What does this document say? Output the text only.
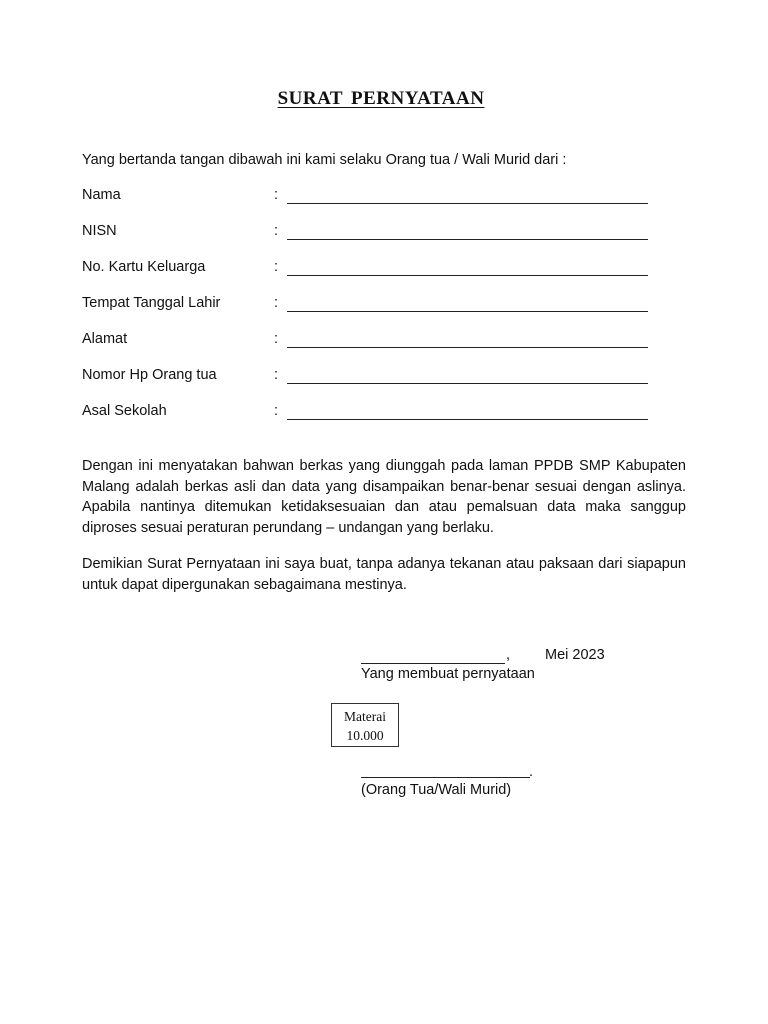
SURAT PERNYATAAN
Yang bertanda tangan dibawah ini kami selaku Orang tua / Wali Murid dari :
Nama	:
NISN	:
No. Kartu Keluarga	:
Tempat Tanggal Lahir	:
Alamat	:
Nomor Hp Orang tua	:
Asal Sekolah	:
Dengan ini menyatakan bahwan berkas yang diunggah pada laman PPDB SMP Kabupaten Malang adalah berkas asli dan data yang disampaikan benar-benar sesuai dengan aslinya. Apabila nantinya ditemukan ketidaksesuaian dan atau pemalsuan data maka sanggup diproses sesuai peraturan perundang – undangan yang berlaku.
Demikian Surat Pernyataan ini saya buat, tanpa adanya tekanan atau paksaan dari siapapun untuk dapat dipergunakan sebagaimana mestinya.
, Mei 2023
Yang membuat pernyataan
Materai
10.000
.
(Orang Tua/Wali Murid)
